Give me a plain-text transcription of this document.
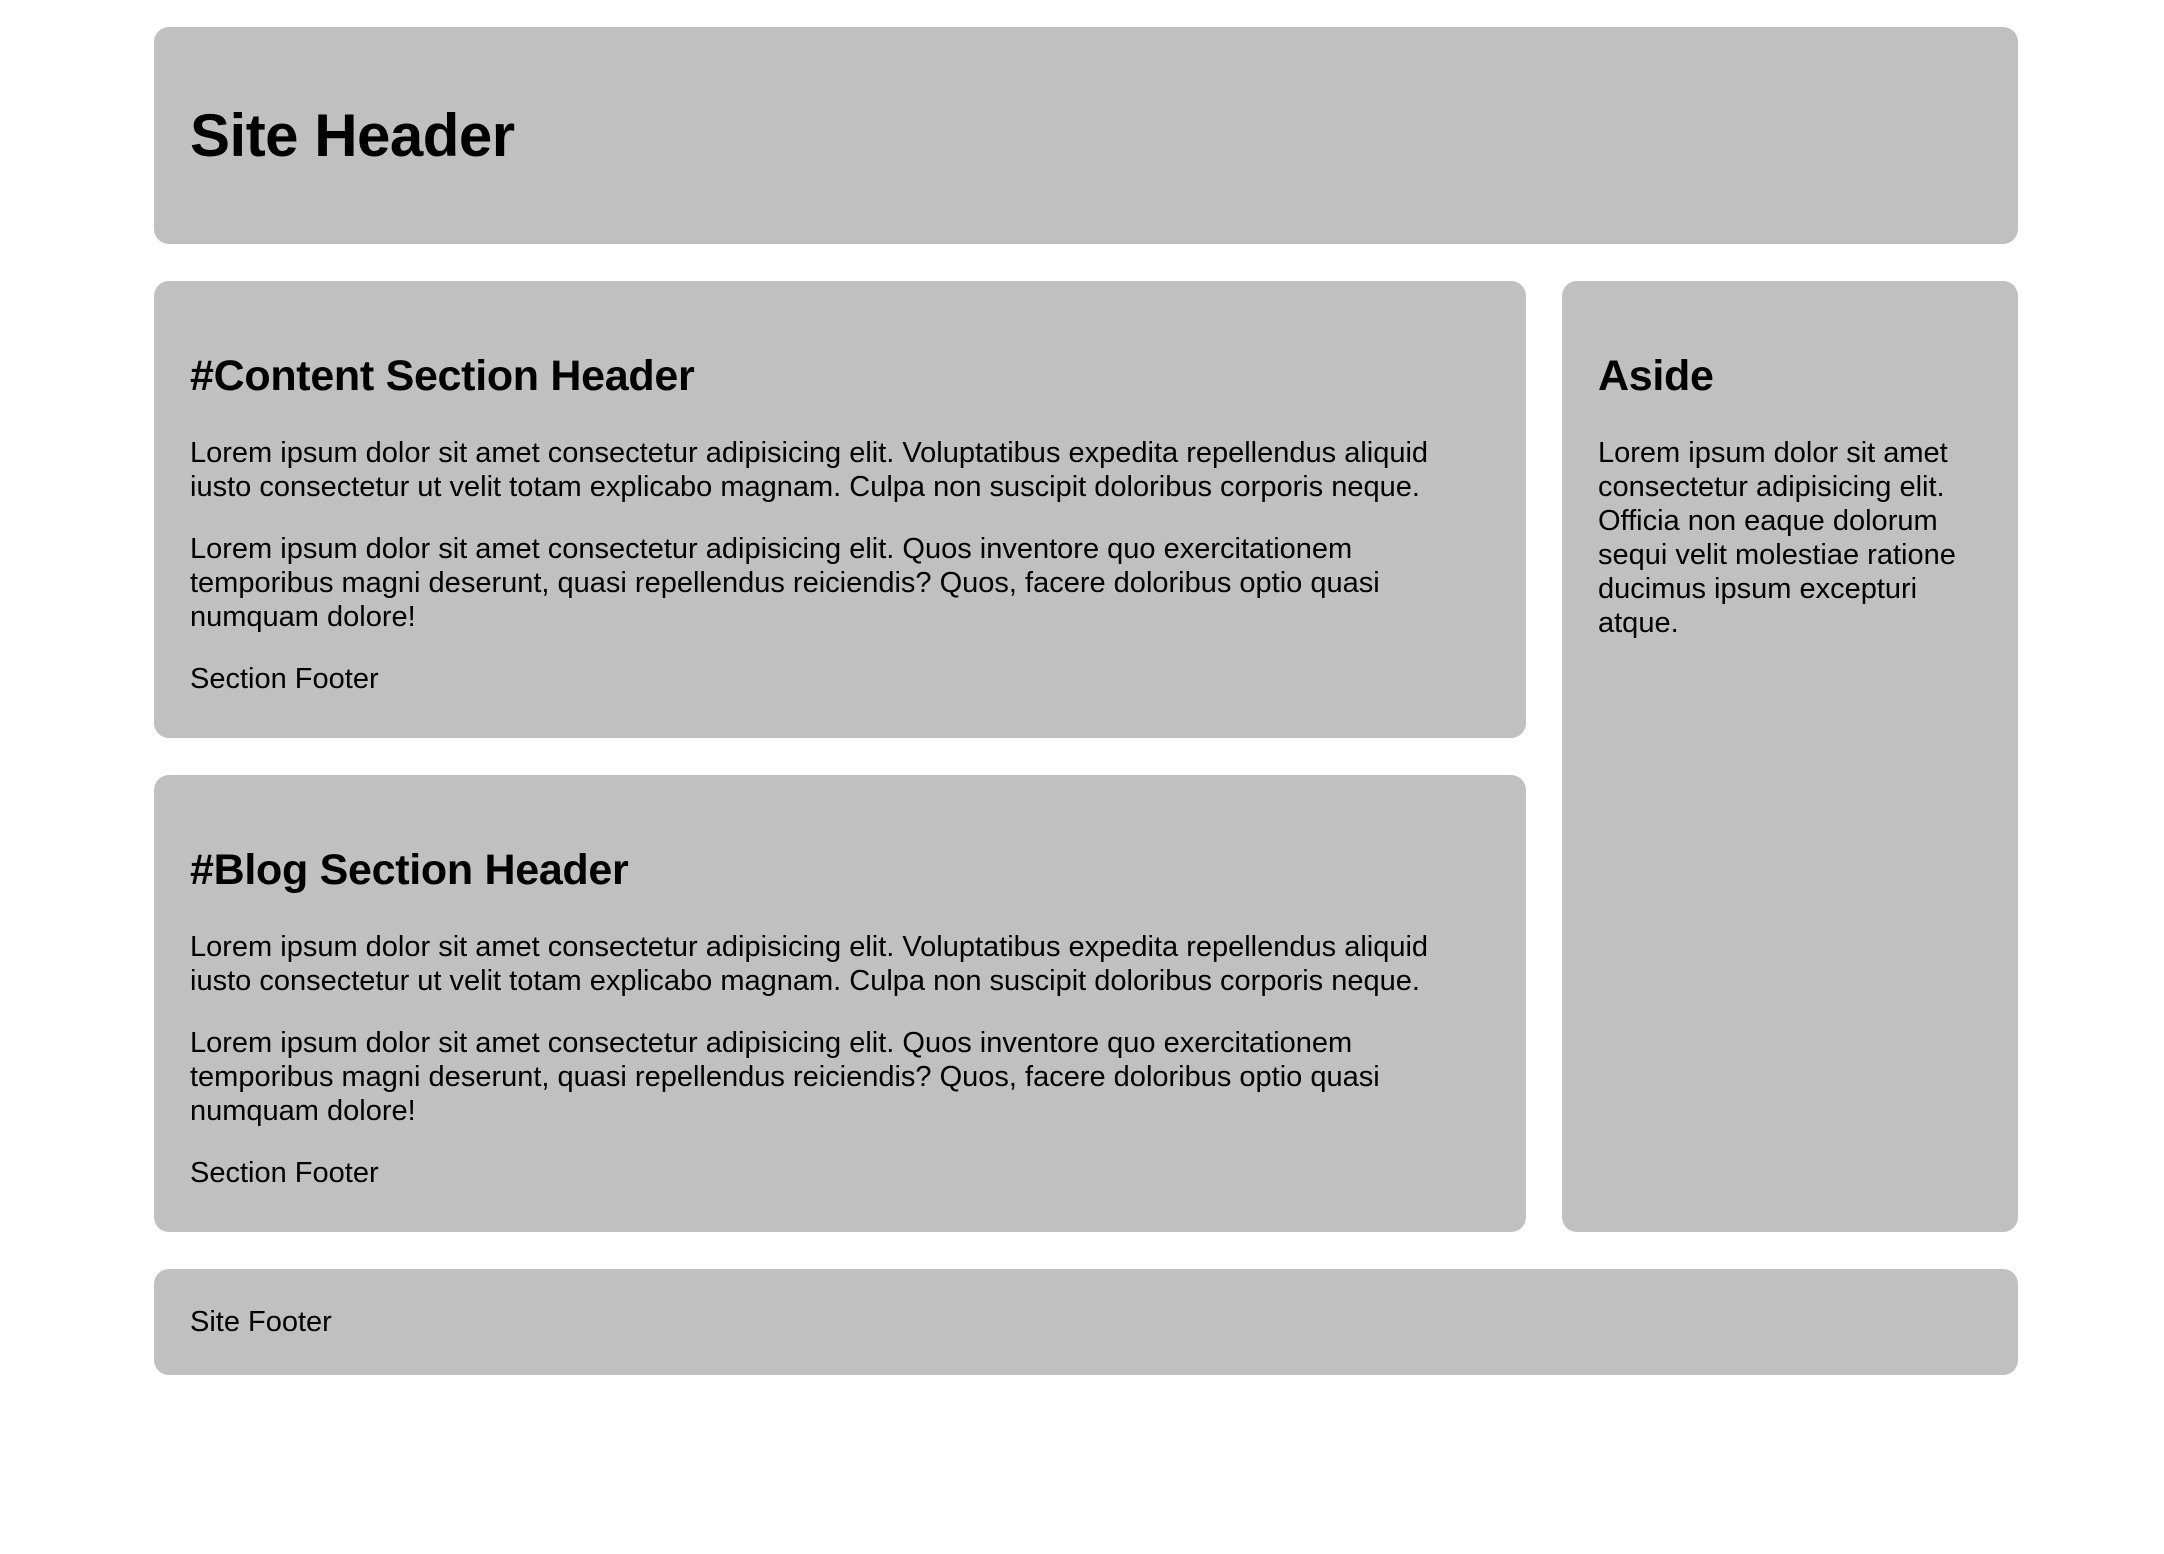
Site Header
#Content Section Header

Lorem ipsum dolor sit amet consectetur adipisicing elit. Voluptatibus expedita repellendus aliquid iusto consectetur ut velit totam explicabo magnam. Culpa non suscipit doloribus corporis neque.

Lorem ipsum dolor sit amet consectetur adipisicing elit. Quos inventore quo exercitationem temporibus magni deserunt, quasi repellendus reiciendis? Quos, facere doloribus optio quasi numquam dolore!

Section Footer

#Blog Section Header

Lorem ipsum dolor sit amet consectetur adipisicing elit. Voluptatibus expedita repellendus aliquid iusto consectetur ut velit totam explicabo magnam. Culpa non suscipit doloribus corporis neque.

Lorem ipsum dolor sit amet consectetur adipisicing elit. Quos inventore quo exercitationem temporibus magni deserunt, quasi repellendus reiciendis? Quos, facere doloribus optio quasi numquam dolore!

Section Footer

Aside

Lorem ipsum dolor sit amet consectetur adipisicing elit. Officia non eaque dolorum sequi velit molestiae ratione ducimus ipsum excepturi atque.

Site Footer
